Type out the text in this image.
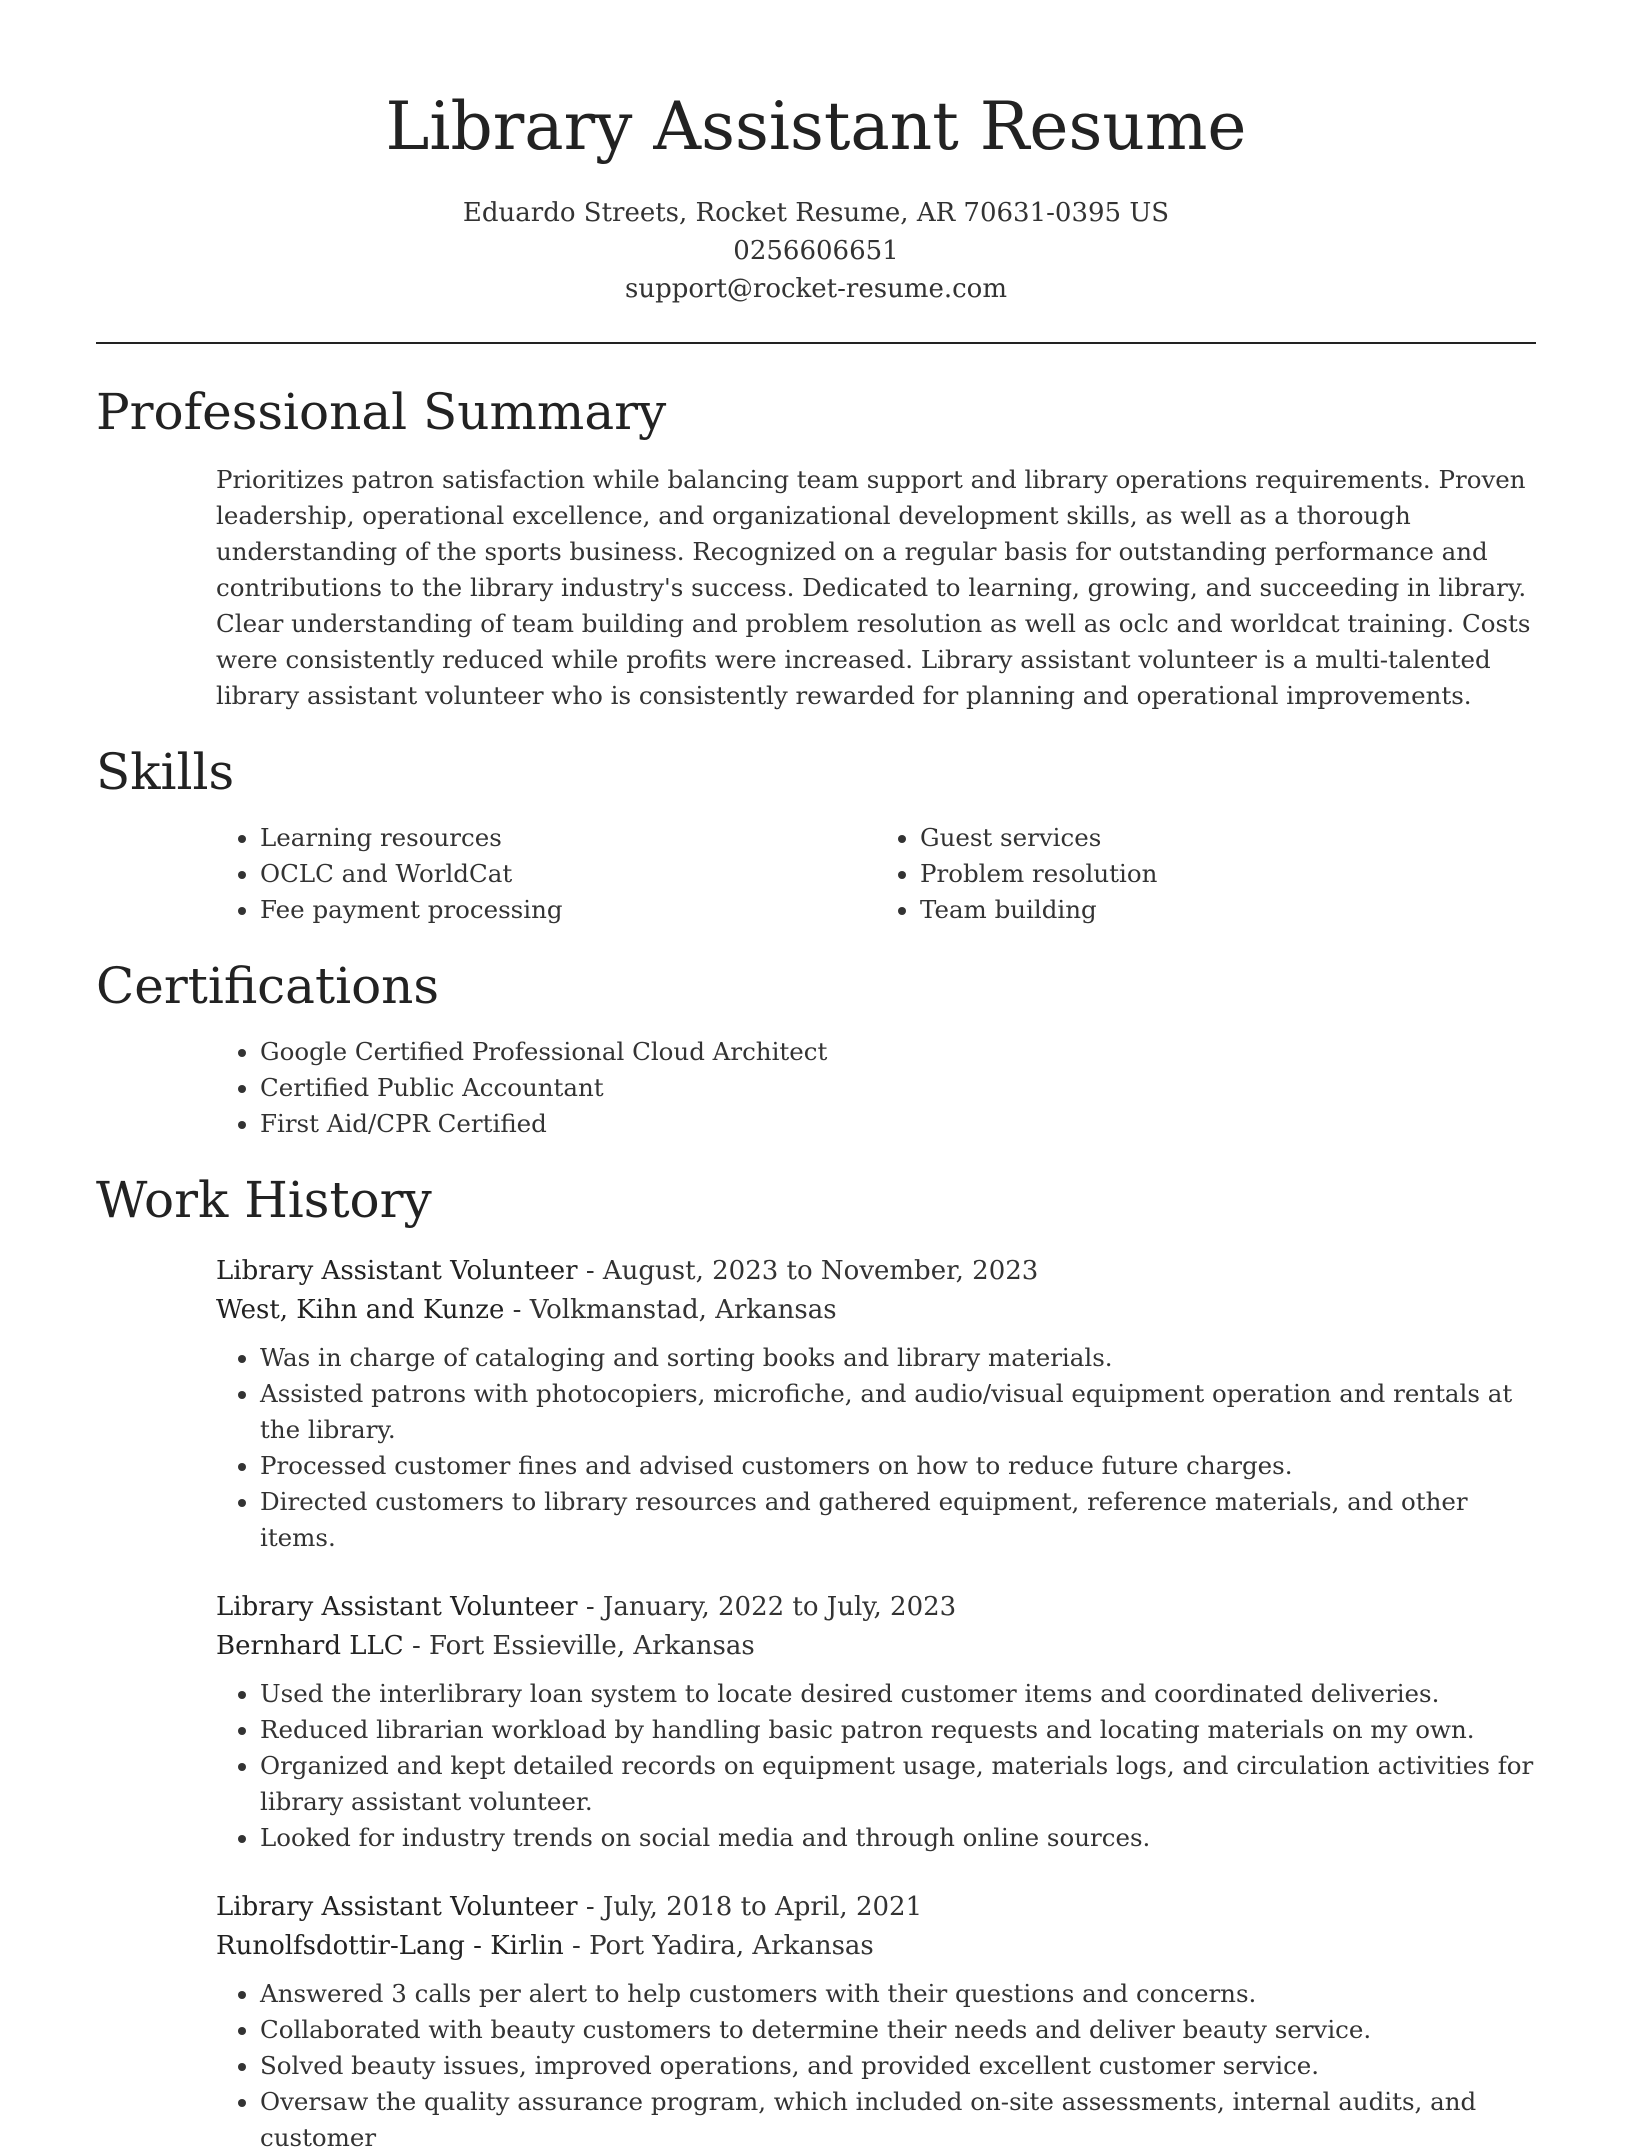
Library Assistant Resume
Eduardo Streets, Rocket Resume, AR 70631-0395 US
0256606651
support@rocket-resume.com
Professional Summary

Prioritizes patron satisfaction while balancing team support and library operations requirements. Proven leadership, operational excellence, and organizational development skills, as well as a thorough understanding of the sports business. Recognized on a regular basis for outstanding performance and contributions to the library industry's success. Dedicated to learning, growing, and succeeding in library. Clear understanding of team building and problem resolution as well as oclc and worldcat training. Costs were consistently reduced while profits were increased. Library assistant volunteer is a multi-talented library assistant volunteer who is consistently rewarded for planning and operational improvements.

Skills
• Learning resources
• OCLC and WorldCat
• Fee payment processing
• Guest services
• Problem resolution
• Team building
Certifications
• Google Certified Professional Cloud Architect
• Certified Public Accountant
• First Aid/CPR Certified
Work History
Library Assistant Volunteer - August, 2023 to November, 2023
West, Kihn and Kunze - Volkmanstad, Arkansas
• Was in charge of cataloging and sorting books and library materials.
• Assisted patrons with photocopiers, microfiche, and audio/visual equipment operation and rentals at the library.
• Processed customer fines and advised customers on how to reduce future charges.
• Directed customers to library resources and gathered equipment, reference materials, and other items.
Library Assistant Volunteer - January, 2022 to July, 2023
Bernhard LLC - Fort Essieville, Arkansas
• Used the interlibrary loan system to locate desired customer items and coordinated deliveries.
• Reduced librarian workload by handling basic patron requests and locating materials on my own.
• Organized and kept detailed records on equipment usage, materials logs, and circulation activities for library assistant volunteer.
• Looked for industry trends on social media and through online sources.
Library Assistant Volunteer - July, 2018 to April, 2021
Runolfsdottir-Lang - Kirlin - Port Yadira, Arkansas
• Answered 3 calls per alert to help customers with their questions and concerns.
• Collaborated with beauty customers to determine their needs and deliver beauty service.
• Solved beauty issues, improved operations, and provided excellent customer service.
• Oversaw the quality assurance program, which included on-site assessments, internal audits, and customer
